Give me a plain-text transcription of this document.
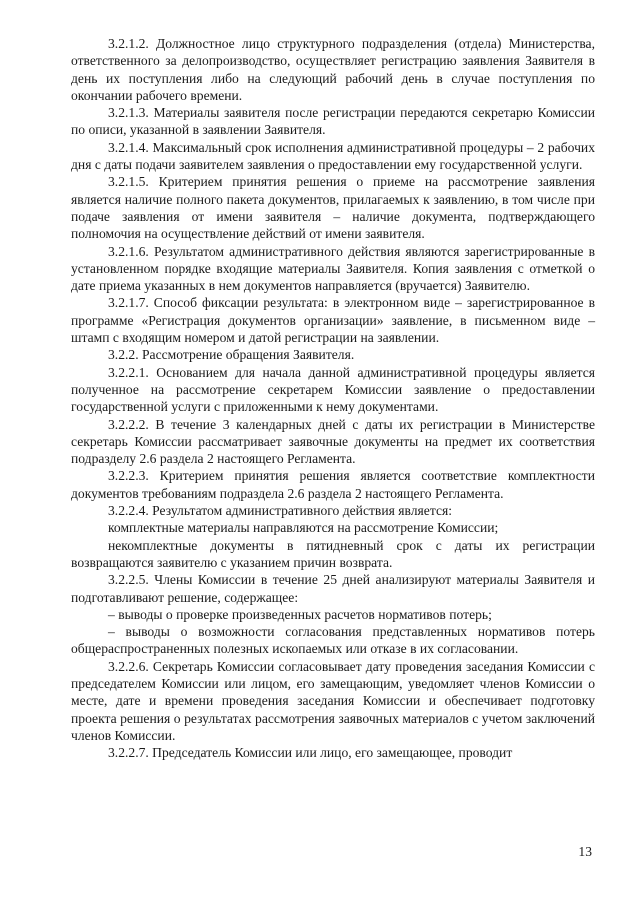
3.2.1.2. Должностное лицо структурного подразделения (отдела) Министерства, ответственного за делопроизводство, осуществляет регистрацию заявления Заявителя в день их поступления либо на следующий рабочий день в случае поступления по окончании рабочего времени.

3.2.1.3. Материалы заявителя после регистрации передаются секретарю Комиссии по описи, указанной в заявлении Заявителя.

3.2.1.4. Максимальный срок исполнения административной процедуры – 2 рабочих дня с даты подачи заявителем заявления о предоставлении ему государственной услуги.

3.2.1.5. Критерием принятия решения о приеме на рассмотрение заявления является наличие полного пакета документов, прилагаемых к заявлению, в том числе при подаче заявления от имени заявителя – наличие документа, подтверждающего полномочия на осуществление действий от имени заявителя.

3.2.1.6. Результатом административного действия являются зарегистрированные в установленном порядке входящие материалы Заявителя. Копия заявления с отметкой о дате приема указанных в нем документов направляется (вручается) Заявителю.

3.2.1.7. Способ фиксации результата: в электронном виде – зарегистрированное в программе «Регистрация документов организации» заявление, в письменном виде – штамп с входящим номером и датой регистрации на заявлении.

3.2.2. Рассмотрение обращения Заявителя.

3.2.2.1. Основанием для начала данной административной процедуры является полученное на рассмотрение секретарем Комиссии заявление о предоставлении государственной услуги с приложенными к нему документами.

3.2.2.2. В течение 3 календарных дней с даты их регистрации в Министерстве секретарь Комиссии рассматривает заявочные документы на предмет их соответствия подразделу 2.6 раздела 2 настоящего Регламента.

3.2.2.3. Критерием принятия решения является соответствие комплектности документов требованиям подраздела 2.6 раздела 2 настоящего Регламента.

3.2.2.4. Результатом административного действия является:

комплектные материалы направляются на рассмотрение Комиссии;

некомплектные документы в пятидневный срок с даты их регистрации возвращаются заявителю с указанием причин возврата.

3.2.2.5. Члены Комиссии в течение 25 дней анализируют материалы Заявителя и подготавливают решение, содержащее:

– выводы о проверке произведенных расчетов нормативов потерь;

– выводы о возможности согласования представленных нормативов потерь общераспространенных полезных ископаемых или отказе в их согласовании.

3.2.2.6. Секретарь Комиссии согласовывает дату проведения заседания Комиссии с председателем Комиссии или лицом, его замещающим, уведомляет членов Комиссии о месте, дате и времени проведения заседания Комиссии и обеспечивает подготовку проекта решения о результатах рассмотрения заявочных материалов с учетом заключений членов Комиссии.

3.2.2.7. Председатель Комиссии или лицо, его замещающее, проводит

13
